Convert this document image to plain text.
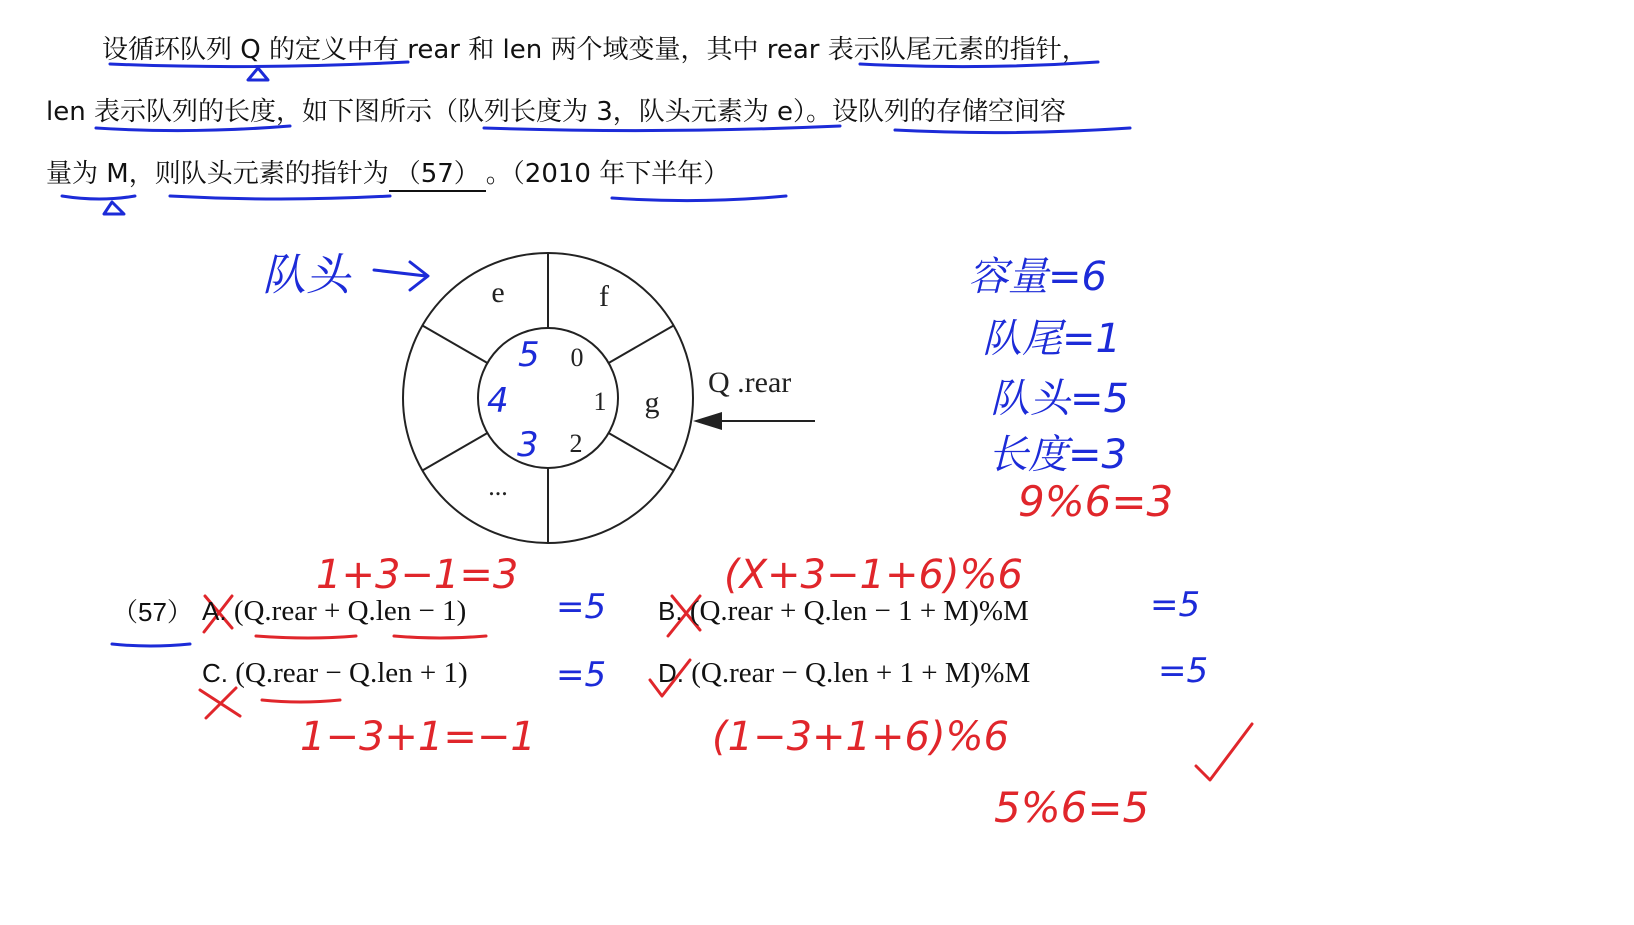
设循环队列 Q 的定义中有 rear 和 len 两个域变量，其中 rear 表示队尾元素的指针，
len 表示队列的长度，如下图所示（队列长度为 3，队头元素为 e）。设队列的存储空间容
量为 M，则队头元素的指针为 （57） 。（2010 年下半年）
e	f
g
...
0
1
2
Q .rear
队头	容量=6
队尾=1
队头=5
长度=3
5
4
3
=5	=5
=5	=5
9%6=3
1+3−1=3	(X+3−1+6)%6
1−3+1=−1	(1−3+1+6)%6
5%6=5
（57） A. (Q.rear + Q.len − 1)	B. (Q.rear + Q.len − 1 + M)%M
C. (Q.rear − Q.len + 1)	D. (Q.rear − Q.len + 1 + M)%M
